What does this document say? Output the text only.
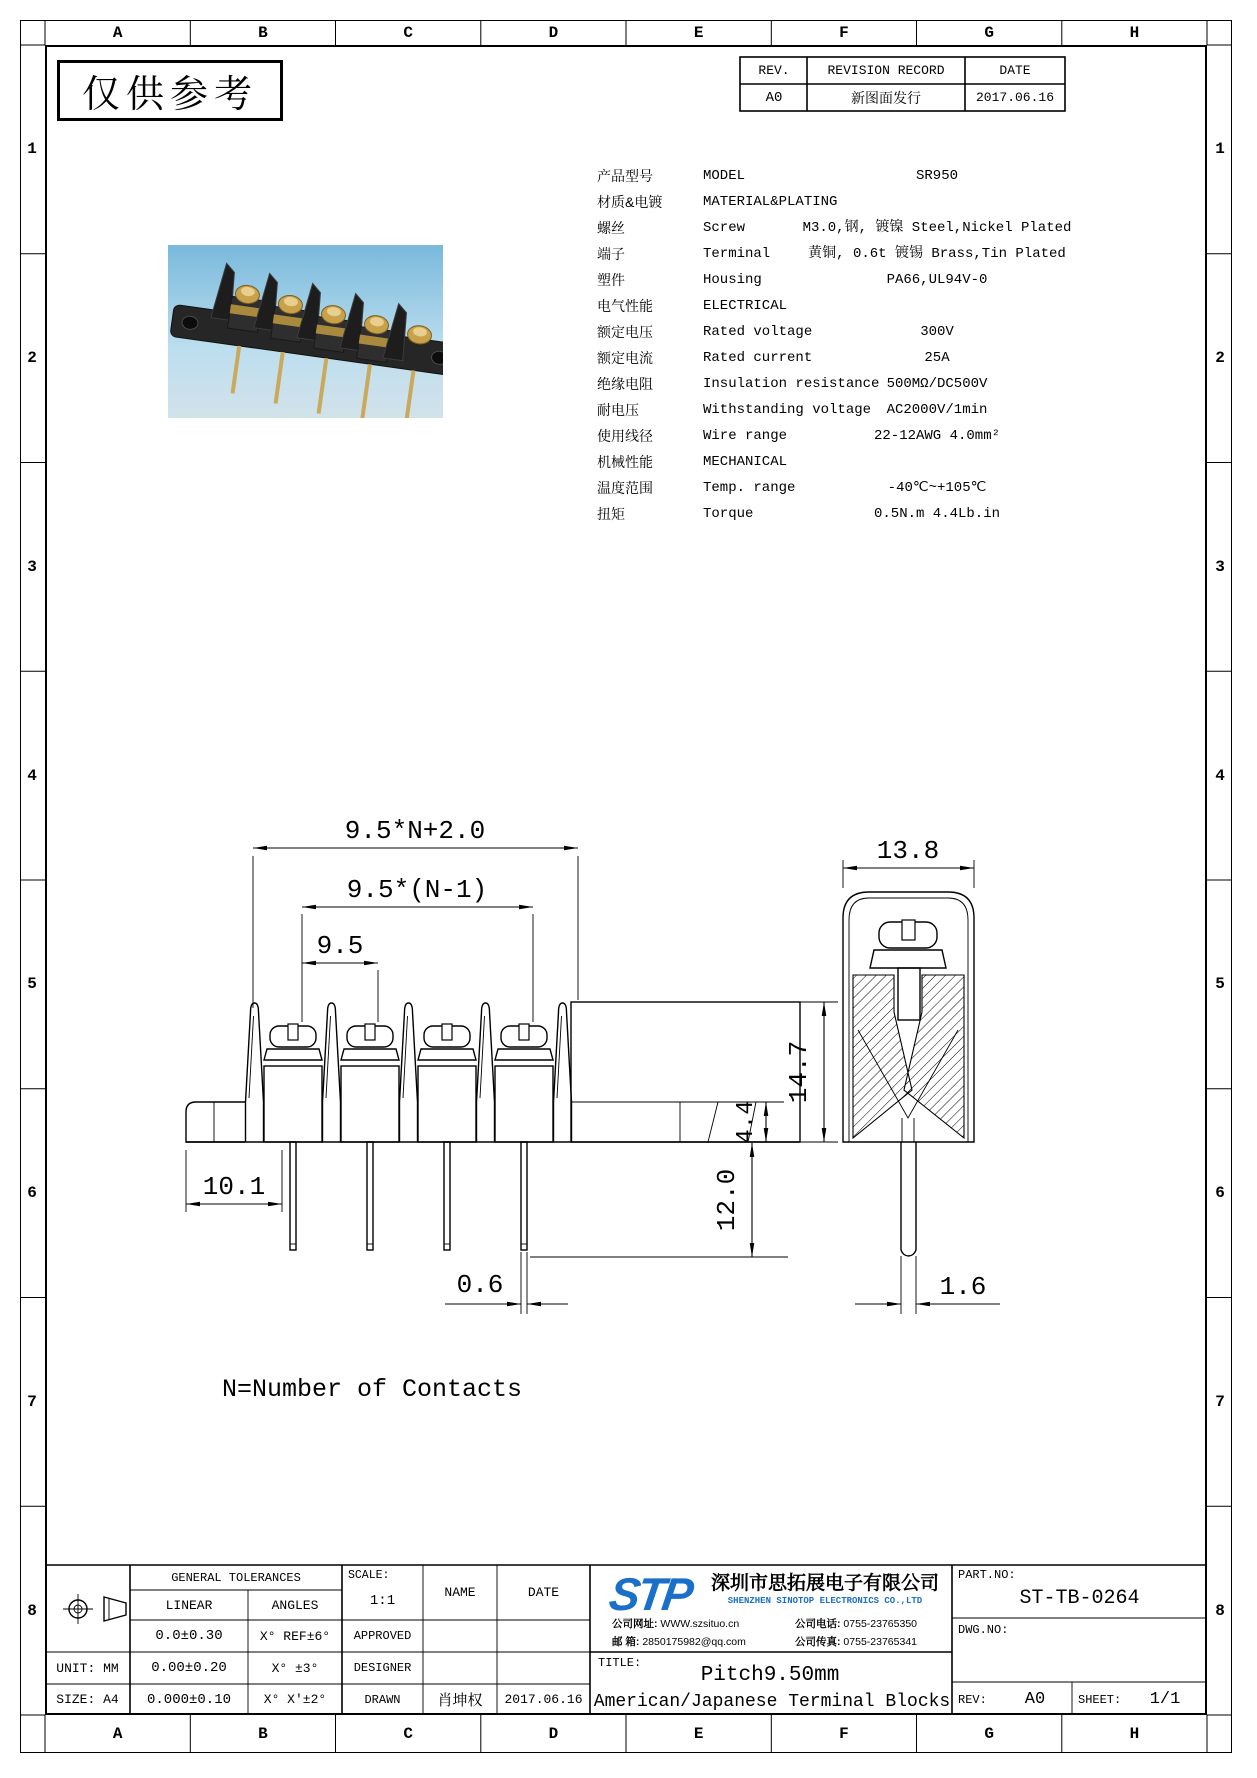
A
A
B
B
C
C
D
D
E
E
F
F
G
G
H
H
1	1
2	2
3	3
4	4
5	5
6	6
7	7
8	8
仅供参考
REV.	REVISION RECORD	DATE
A0	新图面发行	2017.06.16
产品型号	MODEL	SR950
材质&电镀	MATERIAL&PLATING
螺丝	Screw	M3.0,钢, 镀镍 Steel,Nickel Plated
端子	Terminal	黄铜, 0.6t 镀锡 Brass,Tin Plated
塑件	Housing	PA66,UL94V-0
电气性能	ELECTRICAL
额定电压	Rated voltage	300V
额定电流	Rated current	25A
绝缘电阻	Insulation resistance 500MΩ/DC500V
耐电压	Withstanding voltage	AC2000V/1min
使用线径	Wire range	22-12AWG 4.0mm²
机械性能	MECHANICAL
温度范围	Temp. range	-40℃~+105℃
扭矩	Torque	0.5N.m 4.4Lb.in
9.5*N+2.0
9.5*(N-1)
9.5
10.1
4.4
14.7
12.0
0.6
13.8
1.6
N=Number of Contacts
GENERAL TOLERANCES
LINEAR	ANGLES
0.0±0.30	X° REF±6°
0.00±0.20	X° ±3°
0.000±0.10	X° X'±2°
UNIT: MM
SIZE: A4
SCALE:
1:1
NAME	DATE
APPROVED
DESIGNER
DRAWN	肖坤权	2017.06.16
STP 深圳市思拓展电子有限公司
SHENZHEN SINOTOP ELECTRONICS CO.,LTD
公司网址: WWW.szsituo.cn
邮 箱: 2850175982@qq.com
公司电话: 0755-23765350
公司传真: 0755-23765341
TITLE:
Pitch9.50mm
American/Japanese Terminal Blocks
PART.NO:
ST-TB-0264
DWG.NO:
REV:	A0	SHEET:	1/1
